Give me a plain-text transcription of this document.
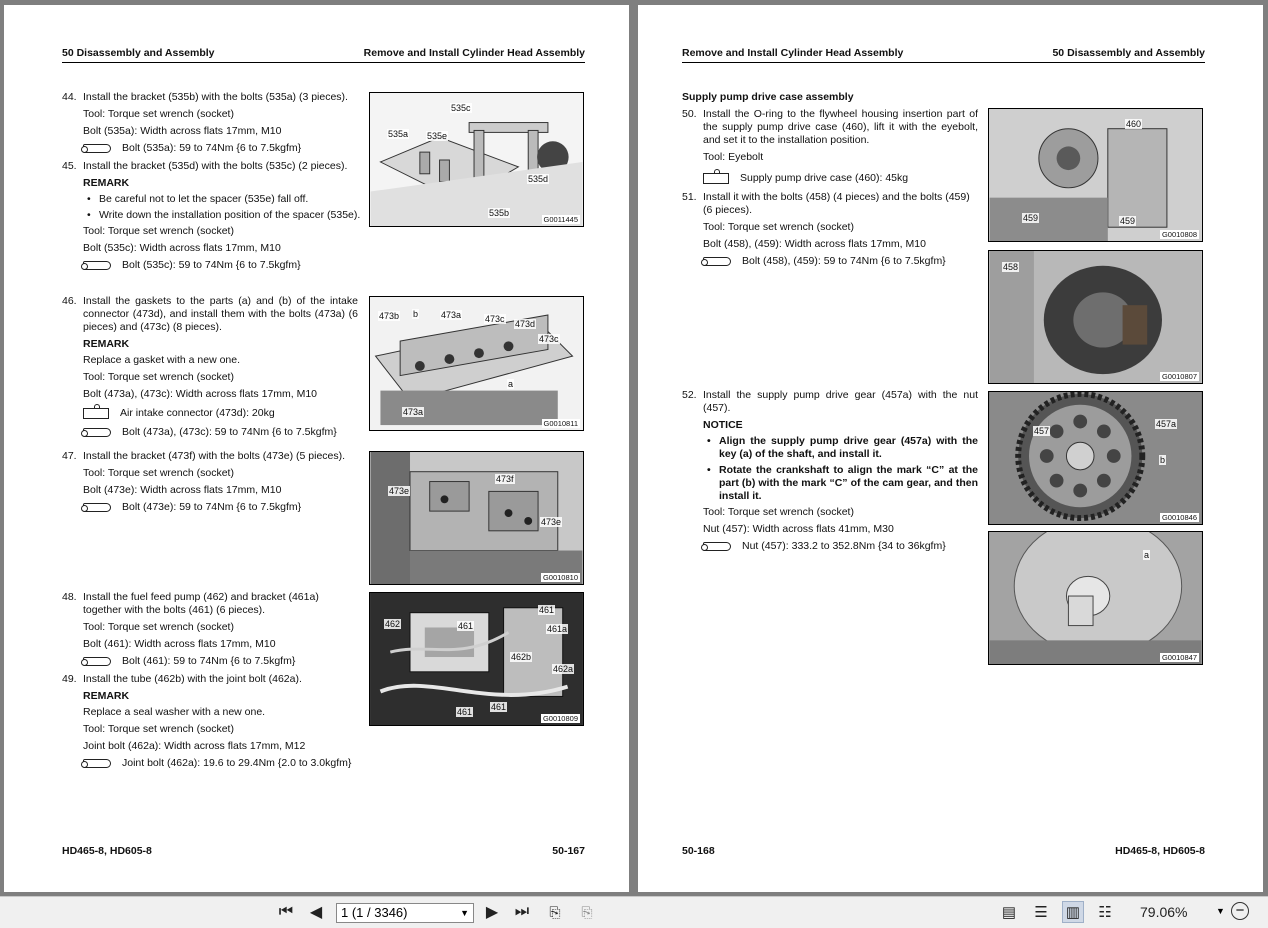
50 Disassembly and Assembly	Remove and Install Cylinder Head Assembly
44. Install the bracket (535b) with the bolts (535a) (3 pieces).
Tool: Torque set wrench (socket)
Bolt (535a): Width across flats 17mm, M10
Bolt (535a): 59 to 74Nm {6 to 7.5kgfm}
45. Install the bracket (535d) with the bolts (535c) (2 pieces).
REMARK
• Be careful not to let the spacer (535e) fall off.
• Write down the installation position of the spacer (535e).
Tool: Torque set wrench (socket)
Bolt (535c): Width across flats 17mm, M10
Bolt (535c): 59 to 74Nm {6 to 7.5kgfm}
46. Install the gaskets to the parts (a) and (b) of the intake connector (473d), and install them with the bolts (473a) (6 pieces) and (473c) (8 pieces).
REMARK
Replace a gasket with a new one.
Tool: Torque set wrench (socket)
Bolt (473a), (473c): Width across flats 17mm, M10
Air intake connector (473d): 20kg
Bolt (473a), (473c): 59 to 74Nm {6 to 7.5kgfm}
47. Install the bracket (473f) with the bolts (473e) (5 pieces).
Tool: Torque set wrench (socket)
Bolt (473e): Width across flats 17mm, M10
Bolt (473e): 59 to 74Nm {6 to 7.5kgfm}
48. Install the fuel feed pump (462) and bracket (461a) together with the bolts (461) (6 pieces).
Tool: Torque set wrench (socket)
Bolt (461): Width across flats 17mm, M10
Bolt (461): 59 to 74Nm {6 to 7.5kgfm}
49. Install the tube (462b) with the joint bolt (462a).
REMARK
Replace a seal washer with a new one.
Tool: Torque set wrench (socket)
Joint bolt (462a): Width across flats 17mm, M12
Joint bolt (462a): 19.6 to 29.4Nm {2.0 to 3.0kgfm}
535c
535a 535e
535d
535b
G0011445
473b b	473a	473c 473d
473c
473a
a
G0010811
473f
473e
473e
G0010810
461
462	461	461a
462b
462a
461 461
G0010809
HD465-8, HD605-8	50-167
Remove and Install Cylinder Head Assembly	50 Disassembly and Assembly
Supply pump drive case assembly
50. Install the O-ring to the flywheel housing insertion part of the supply pump drive case (460), lift it with the eyebolt, and set it to the installation position.
Tool: Eyebolt
Supply pump drive case (460): 45kg
51. Install it with the bolts (458) (4 pieces) and the bolts (459) (6 pieces).
Tool: Torque set wrench (socket)
Bolt (458), (459): Width across flats 17mm, M10
Bolt (458), (459): 59 to 74Nm {6 to 7.5kgfm}
52. Install the supply pump drive gear (457a) with the nut (457).
NOTICE
• Align the supply pump drive gear (457a) with the key (a) of the shaft, and install it.
• Rotate the crankshaft to align the mark “C” at the part (b) with the mark “C” of the cam gear, and then install it.
Tool: Torque set wrench (socket)
Nut (457): Width across flats 41mm, M30
Nut (457): 333.2 to 352.8Nm {34 to 36kgfm}
460
459	459
G0010808
458
G0010807
457
457a
b
G0010846
a
G0010847
50-168	HD465-8, HD605-8
⏮ ◀	1 (1 / 3346)	▼ ▶ ⏭ ⎘ ⎘	▤ ☰ ▥ ☷ 79.06%	▼ −
